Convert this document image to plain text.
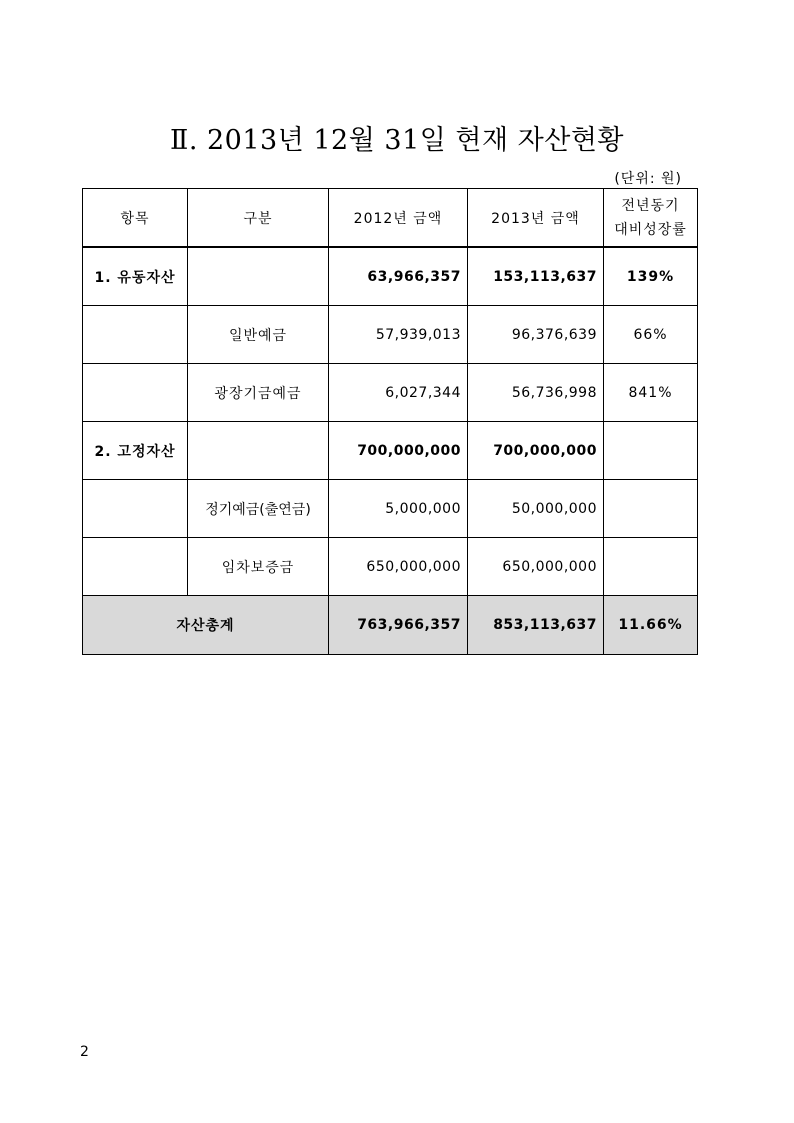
Ⅱ. 2013년 12월 31일 현재 자산현황
(단위: 원)
항목	구분	2012년 금액	2013년 금액	전년동기
대비성장률
1. 유동자산		63,966,357	153,113,637	139%
	일반예금	57,939,013	96,376,639	66%
	광장기금예금	6,027,344	56,736,998	841%
2. 고정자산		700,000,000	700,000,000	
	정기예금(출연금)	5,000,000	50,000,000	
	임차보증금	650,000,000	650,000,000	
자산총계		763,966,357	853,113,637	11.66%
2
